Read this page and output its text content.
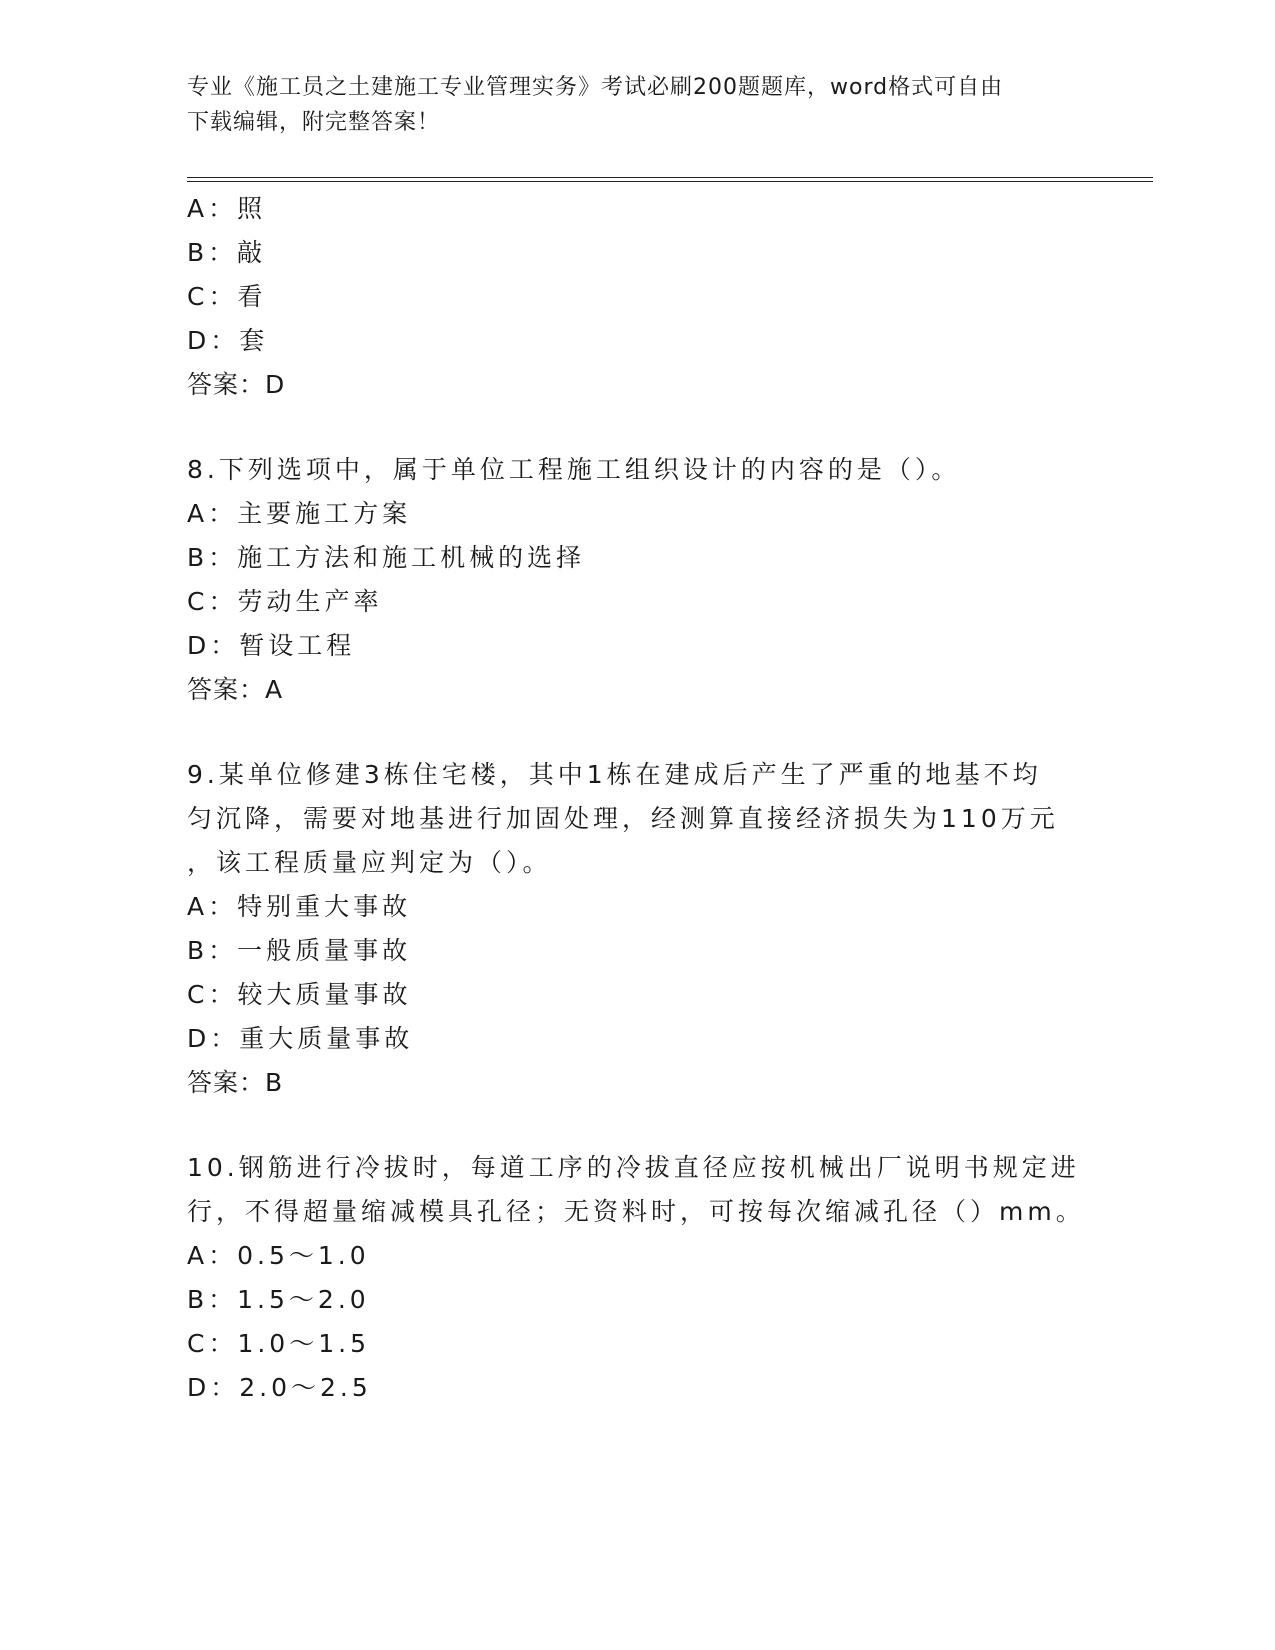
专业《施工员之土建施工专业管理实务》考试必刷200题题库，word格式可自由
下载编辑，附完整答案！
A：照
B：敲
C：看
D：套
答案：D
8.下列选项中，属于单位工程施工组织设计的内容的是（）。
A：主要施工方案
B：施工方法和施工机械的选择
C：劳动生产率
D：暂设工程
答案：A
9.某单位修建3栋住宅楼，其中1栋在建成后产生了严重的地基不均
匀沉降，需要对地基进行加固处理，经测算直接经济损失为110万元
，该工程质量应判定为（）。
A：特别重大事故
B：一般质量事故
C：较大质量事故
D：重大质量事故
答案：B
10.钢筋进行冷拔时，每道工序的冷拔直径应按机械出厂说明书规定进
行，不得超量缩减模具孔径；无资料时，可按每次缩减孔径（）mm。
A：0.5～1.0
B：1.5～2.0
C：1.0～1.5
D：2.0～2.5
